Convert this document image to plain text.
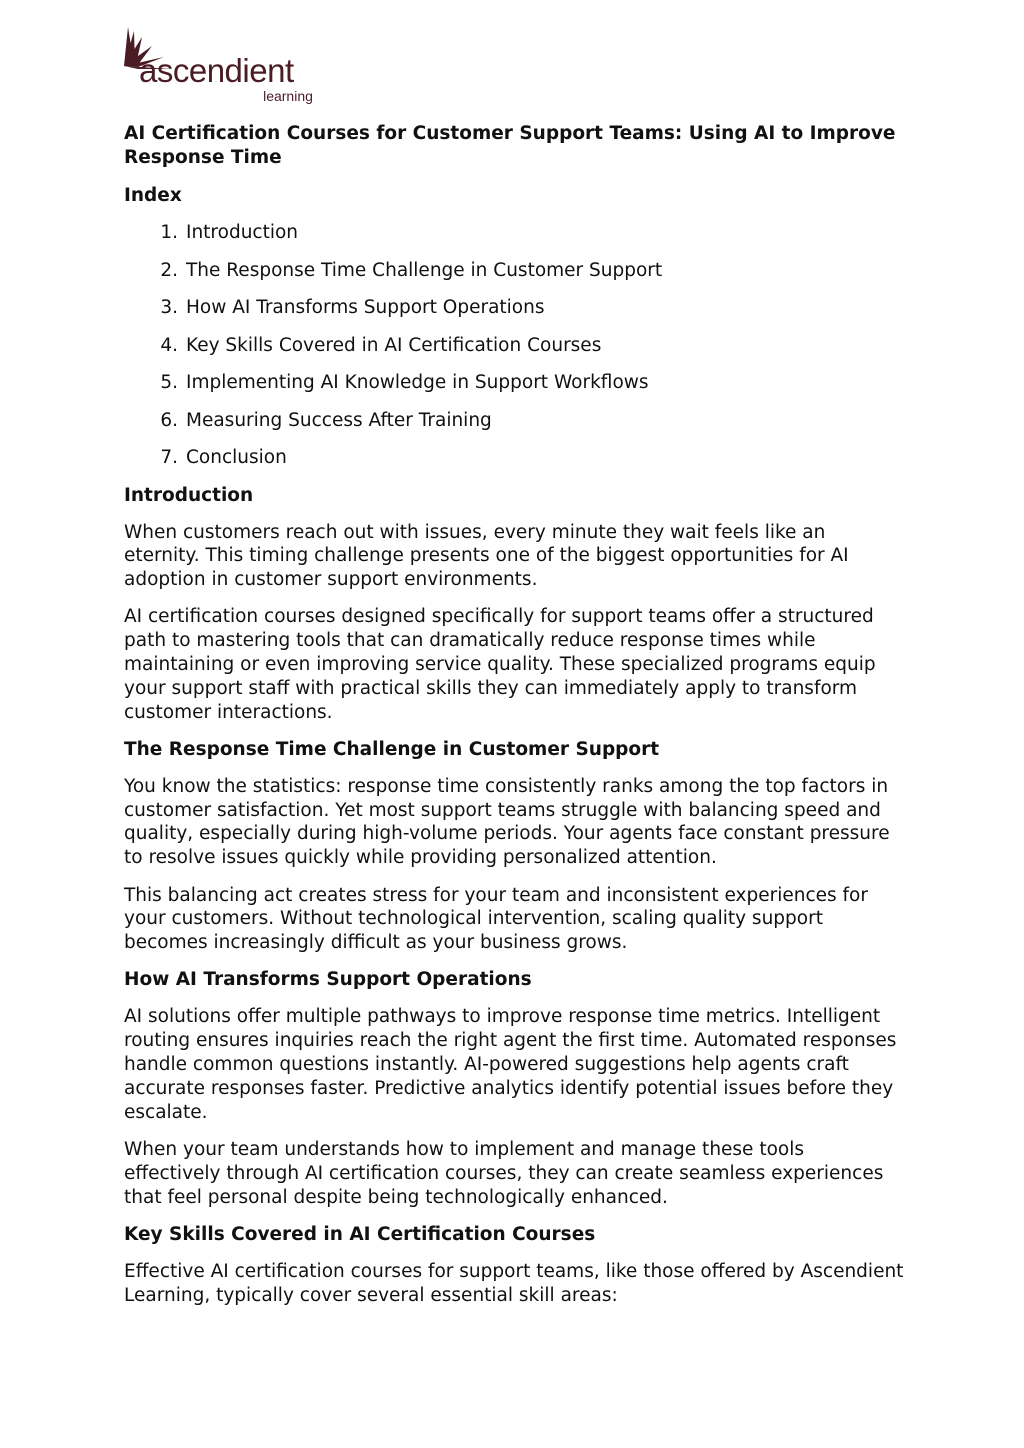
ascendient
learning
AI Certification Courses for Customer Support Teams: Using AI to Improve Response Time
Index
1. Introduction
2. The Response Time Challenge in Customer Support
3. How AI Transforms Support Operations
4. Key Skills Covered in AI Certification Courses
5. Implementing AI Knowledge in Support Workflows
6. Measuring Success After Training
7. Conclusion
Introduction

When customers reach out with issues, every minute they wait feels like an eternity. This timing challenge presents one of the biggest opportunities for AI adoption in customer support environments.

AI certification courses designed specifically for support teams offer a structured path to mastering tools that can dramatically reduce response times while maintaining or even improving service quality. These specialized programs equip your support staff with practical skills they can immediately apply to transform customer interactions.

The Response Time Challenge in Customer Support

You know the statistics: response time consistently ranks among the top factors in customer satisfaction. Yet most support teams struggle with balancing speed and quality, especially during high-volume periods. Your agents face constant pressure to resolve issues quickly while providing personalized attention.

This balancing act creates stress for your team and inconsistent experiences for your customers. Without technological intervention, scaling quality support becomes increasingly difficult as your business grows.

How AI Transforms Support Operations

AI solutions offer multiple pathways to improve response time metrics. Intelligent routing ensures inquiries reach the right agent the first time. Automated responses handle common questions instantly. AI-powered suggestions help agents craft accurate responses faster. Predictive analytics identify potential issues before they escalate.

When your team understands how to implement and manage these tools effectively through AI certification courses, they can create seamless experiences that feel personal despite being technologically enhanced.

Key Skills Covered in AI Certification Courses

Effective AI certification courses for support teams, like those offered by Ascendient Learning, typically cover several essential skill areas:
